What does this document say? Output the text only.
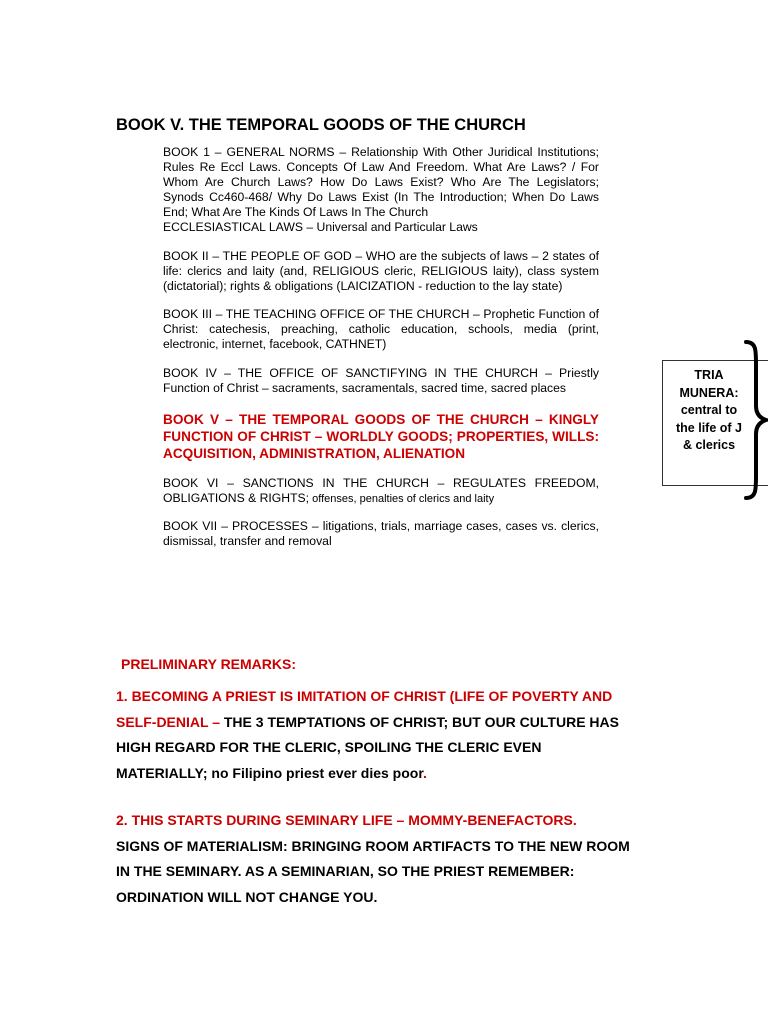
BOOK V. THE TEMPORAL GOODS OF THE CHURCH

BOOK 1 – GENERAL NORMS – Relationship With Other Juridical Institutions; Rules Re Eccl Laws. Concepts Of Law And Freedom. What Are Laws? / For Whom Are Church Laws? How Do Laws Exist? Who Are The Legislators; Synods Cc460-468/ Why Do Laws Exist (In The Introduction; When Do Laws End; What Are The Kinds Of Laws In The Church

ECCLESIASTICAL LAWS – Universal and Particular Laws

BOOK II – THE PEOPLE OF GOD – WHO are the subjects of laws – 2 states of life: clerics and laity (and, RELIGIOUS cleric, RELIGIOUS laity), class system (dictatorial); rights & obligations (LAICIZATION - reduction to the lay state)

BOOK III – THE TEACHING OFFICE OF THE CHURCH – Prophetic Function of Christ: catechesis, preaching, catholic education, schools, media (print, electronic, internet, facebook, CATHNET)

BOOK IV – THE OFFICE OF SANCTIFYING IN THE CHURCH – Priestly Function of Christ – sacraments, sacramentals, sacred time, sacred places

BOOK V – THE TEMPORAL GOODS OF THE CHURCH – KINGLY FUNCTION OF CHRIST – WORLDLY GOODS; PROPERTIES, WILLS: ACQUISITION, ADMINISTRATION, ALIENATION

BOOK VI – SANCTIONS IN THE CHURCH – REGULATES FREEDOM, OBLIGATIONS & RIGHTS; offenses, penalties of clerics and laity

BOOK VII – PROCESSES – litigations, trials, marriage cases, cases vs. clerics, dismissal, transfer and removal

PRELIMINARY REMARKS:

1. BECOMING A PRIEST IS IMITATION OF CHRIST (LIFE OF POVERTY AND SELF-DENIAL – THE 3 TEMPTATIONS OF CHRIST; BUT OUR CULTURE HAS HIGH REGARD FOR THE CLERIC, SPOILING THE CLERIC EVEN MATERIALLY; no Filipino priest ever dies poor.

2. THIS STARTS DURING SEMINARY LIFE – MOMMY-BENEFACTORS.
SIGNS OF MATERIALISM: BRINGING ROOM ARTIFACTS TO THE NEW ROOM IN THE SEMINARY. AS A SEMINARIAN, SO THE PRIEST REMEMBER: ORDINATION WILL NOT CHANGE YOU.

TRIA
MUNERA:
central to
the life of J
& clerics
